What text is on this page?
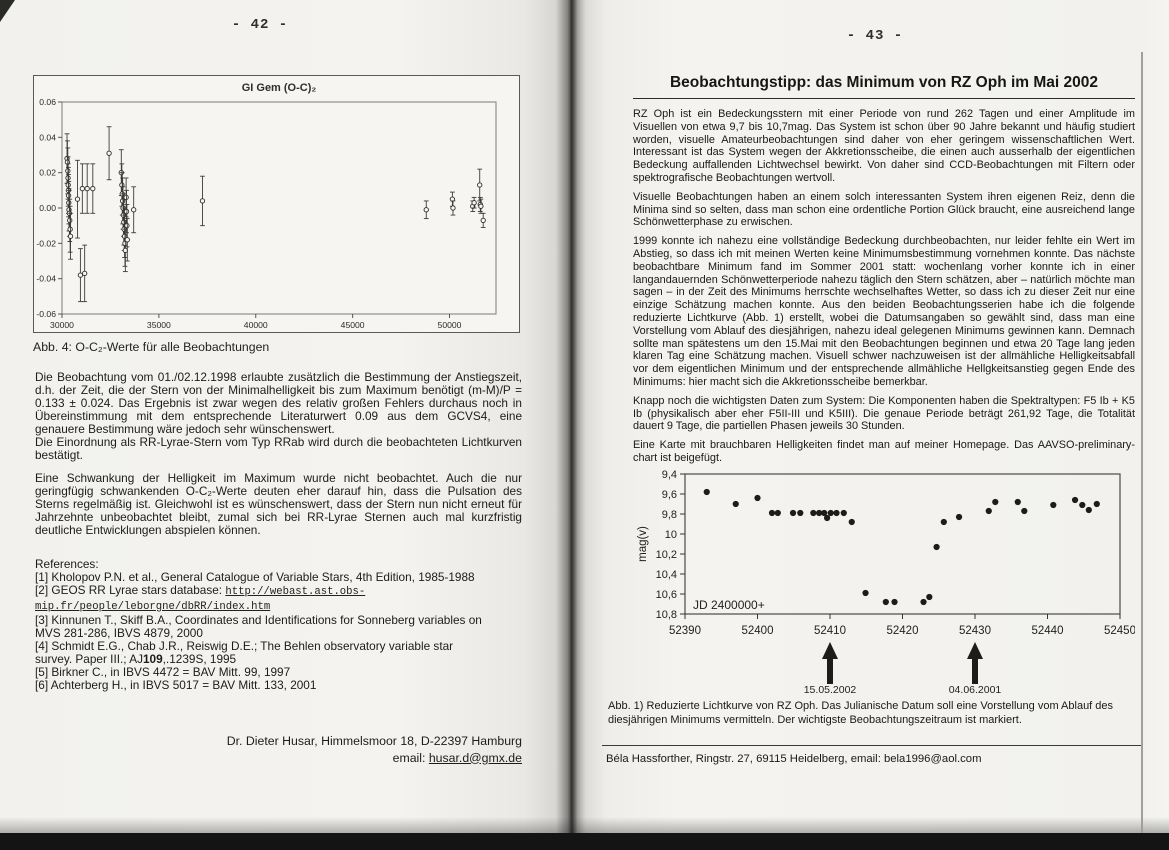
- 42 -
GI Gem (O-C)₂
0.06
0.04
0.02
0.00
-0.02
-0.04
-0.06
30000	35000	40000	45000	50000
Abb. 4: O-C₂-Werte für alle Beobachtungen

Die Beobachtung vom 01./02.12.1998 erlaubte zusätzlich die Bestimmung der Anstiegszeit, d.h. der Zeit, die der Stern von der Minimalhelligkeit bis zum Maximum benötigt (m-M)/P = 0.133 ± 0.024. Das Ergebnis ist zwar wegen des relativ großen Fehlers durchaus noch in Übereinstimmung mit dem entsprechende Literaturwert 0.09 aus dem GCVS4, eine genauere Bestimmung wäre jedoch sehr wünschenswert.

Die Einordnung als RR-Lyrae-Stern vom Typ RRab wird durch die beobachteten Lichtkurven bestätigt.

Eine Schwankung der Helligkeit im Maximum wurde nicht beobachtet. Auch die nur geringfügig schwankenden O-C₂-Werte deuten eher darauf hin, dass die Pulsation des Sterns regelmäßig ist. Gleichwohl ist es wünschenswert, dass der Stern nun nicht erneut für Jahrzehnte unbeobachtet bleibt, zumal sich bei RR-Lyrae Sternen auch mal kurzfristig deutliche Entwicklungen abspielen können.

References:
[1] Kholopov P.N. et al., General Catalogue of Variable Stars, 4th Edition, 1985-1988
[2] GEOS RR Lyrae stars database: http://webast.ast.obs-
mip.fr/people/leborgne/dbRR/index.htm
[3] Kinnunen T., Skiff B.A., Coordinates and Identifications for Sonneberg variables on
MVS 281-286, IBVS 4879, 2000
[4] Schmidt E.G., Chab J.R., Reiswig D.E.; The Behlen observatory variable star
survey. Paper III.; AJ109,.1239S, 1995
[5] Birkner C., in IBVS 4472 = BAV Mitt. 99, 1997
[6] Achterberg H., in IBVS 5017 = BAV Mitt. 133, 2001
Dr. Dieter Husar, Himmelsmoor 18, D-22397 Hamburg
email: husar.d@gmx.de
- 43 -
Beobachtungstipp: das Minimum von RZ Oph im Mai 2002

RZ Oph ist ein Bedeckungsstern mit einer Periode von rund 262 Tagen und einer Amplitude im Visuellen von etwa 9,7 bis 10,7mag. Das System ist schon über 90 Jahre bekannt und häufig studiert worden, visuelle Amateurbeobachtungen sind daher von eher geringem wissenschaftlichen Wert. Interessant ist das System wegen der Akkretionsscheibe, die einen auch ausserhalb der eigentlichen Bedeckung auffallenden Lichtwechsel bewirkt. Von daher sind CCD-Beobachtungen mit Filtern oder spektrografische Beobachtungen wertvoll.

Visuelle Beobachtungen haben an einem solch interessanten System ihren eigenen Reiz, denn die Minima sind so selten, dass man schon eine ordentliche Portion Glück braucht, eine ausreichend lange Schönwetterphase zu erwischen.

1999 konnte ich nahezu eine vollständige Bedeckung durchbeobachten, nur leider fehlte ein Wert im Abstieg, so dass ich mit meinen Werten keine Minimumsbestimmung vornehmen konnte. Das nächste beobachtbare Minimum fand im Sommer 2001 statt: wochenlang vorher konnte ich in einer langandauernden Schönwetterperiode nahezu täglich den Stern schätzen, aber – natürlich möchte man sagen – in der Zeit des Minimums herrschte wechselhaftes Wetter, so dass ich zu dieser Zeit nur eine einzige Schätzung machen konnte. Aus den beiden Beobachtungsserien habe ich die folgende reduzierte Lichtkurve (Abb. 1) erstellt, wobei die Datumsangaben so gewählt sind, dass man eine Vorstellung vom Ablauf des diesjährigen, nahezu ideal gelegenen Minimums gewinnen kann. Demnach sollte man spätestens um den 15.Mai mit den Beobachtungen beginnen und etwa 20 Tage lang jeden klaren Tag eine Schätzung machen. Visuell schwer nachzuweisen ist der allmähliche Helligkeitsabfall vor dem eigentlichen Minimum und der entsprechende allmähliche Hellgkeitsanstieg gegen Ende des Minimums: hier macht sich die Akkretionsscheibe bemerkbar.

Knapp noch die wichtigsten Daten zum System: Die Komponenten haben die Spektraltypen: F5 Ib + K5 Ib (physikalisch aber eher F5II-III und K5III). Die genaue Periode beträgt 261,92 Tage, die Totalität dauert 9 Tage, die partiellen Phasen jeweils 30 Stunden.

Eine Karte mit brauchbaren Helligkeiten findet man auf meiner Homepage. Das AAVSO-preliminary-chart ist beigefügt.

9,4
9,6
9,8
10
10,2
10,4
10,6
10,8
52390	52400	52410	52420	52430	52440	52450
mag(v)
JD 2400000+
15.05.2002	04.06.2001
Abb. 1) Reduzierte Lichtkurve von RZ Oph. Das Julianische Datum soll eine Vorstellung vom Ablauf des diesjährigen Minimums vermitteln. Der wichtigste Beobachtungszeitraum ist markiert.
Béla Hassforther, Ringstr. 27, 69115 Heidelberg, email: bela1996@aol.com
